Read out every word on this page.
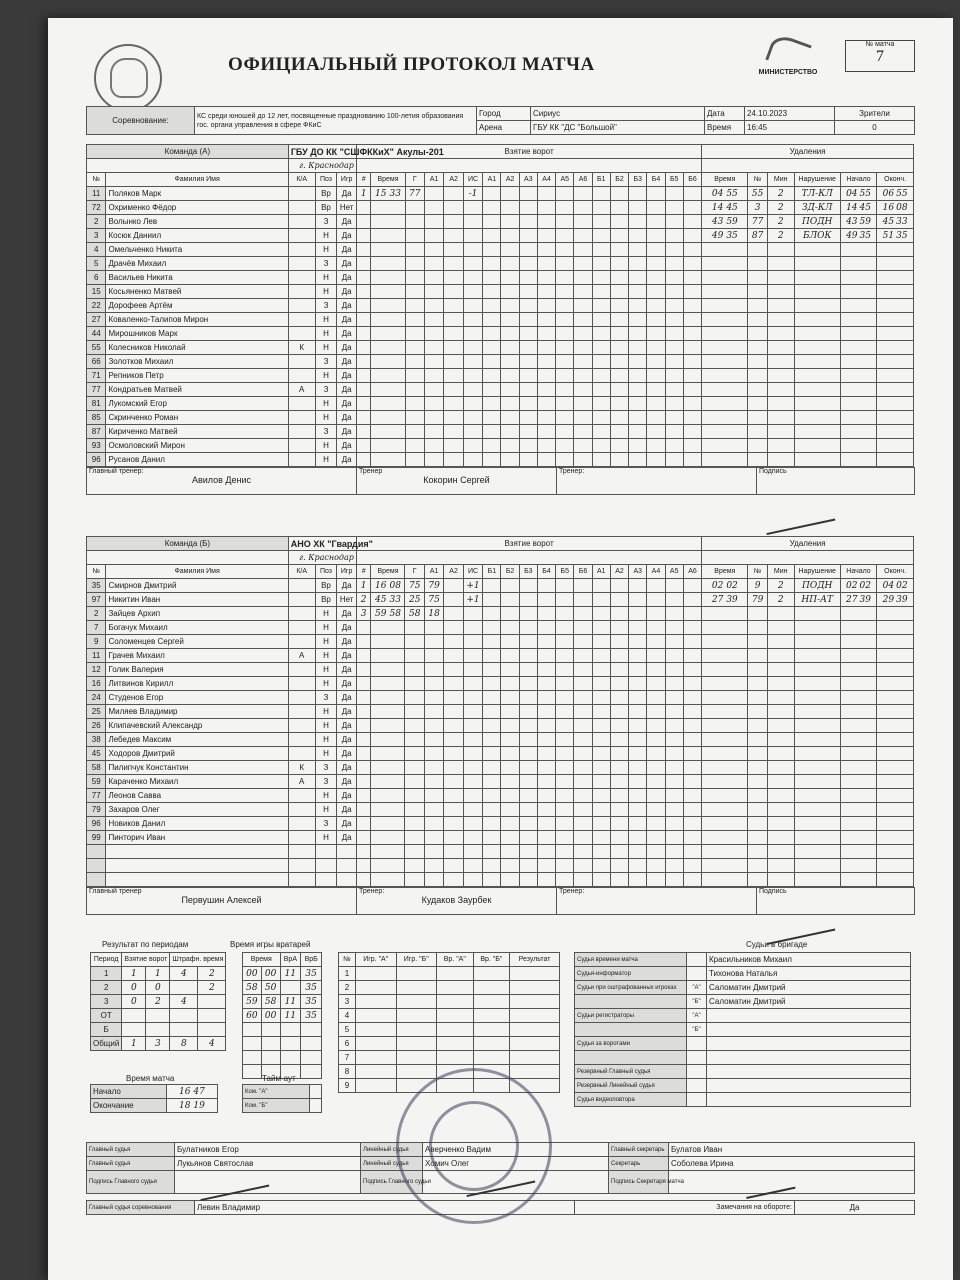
ОФИЦИАЛЬНЫЙ ПРОТОКОЛ МАТЧА	МИНИСТЕРСТВО
№ матча
7
Соревнование:	КС среди юношей до 12 лет, посвященные празднованию 100-летия образования гос. органа управления в сфере ФКиС	Город	Сириус	Дата	24.10.2023	Зрители
		Арена	ГБУ КК "ДС "Большой"	Время	16:45	0
Команда (А)		ГБУ ДО КК "СШФККиХ" Акулы-201			Взятие ворот																		Удаления					
		г. Краснодар																										
№	Фамилия Имя	К/А	Поз	Игр	#	Время	Г	А1	А2	ИС	А1	А2	А3	А4	А5	А6	Б1	Б2	Б3	Б4	Б5	Б6	Время	№	Мин	Нарушение	Начало	Оконч.
11	Поляков Марк		Вр	Да	1	15 33	77			-1													04 55	55	2	ТЛ-КЛ	04 55	06 55
72	Охрименко Фёдор		Вр	Нет																			14 45	3	2	ЗД-КЛ	14 45	16 08
2	Волынко Лев		З	Да																			43 59	77	2	ПОДН	43 59	45 33
3	Косюк Даниил		Н	Да																			49 35	87	2	БЛОК	49 35	51 35
4	Омельченко Никита		Н	Да																								
5	Драчёв Михаил		З	Да																								
6	Васильев Никита		Н	Да																								
15	Косьяненко Матвей		Н	Да																								
22	Дорофеев Артём		З	Да																								
27	Коваленко-Талипов Мирон		Н	Да																								
44	Мирошников Марк		Н	Да																								
55	Колесников Николай	К	Н	Да																								
66	Золотков Михаил		З	Да																								
71	Репников Петр		Н	Да																								
77	Кондратьев Матвей	А	З	Да																								
81	Лукомский Егор		Н	Да																								
85	Скринченко Роман		Н	Да																								
87	Кириченко Матвей		З	Да																								
93	Осмоловский Мирон		Н	Да																								
96	Русанов Данил		Н	Да																								
Главный тренер:
Авилов Денис

Тренер
Кокорин Сергей

Тренер:	Подпись
Команда (Б)		АНО ХК "Гвардия"			Взятие ворот																		Удаления					
		г. Краснодар																										
№	Фамилия Имя	К/А	Поз	Игр	#	Время	Г	А1	А2	ИС	Б1	Б2	Б3	Б4	Б5	Б6	А1	А2	А3	А4	А5	А6	Время	№	Мин	Нарушение	Начало	Оконч.
35	Смирнов Дмитрий		Вр	Да	1	16 08	75	79		+1													02 02	9	2	ПОДН	02 02	04 02
97	Никитин Иван		Вр	Нет	2	45 33	25	75		+1													27 39	79	2	НП-АТ	27 39	29 39
2	Зайцев Архип		Н	Да	3	59 58	58	18																				
7	Богачук Михаил		Н	Да																								
9	Соломенцев Сергей		Н	Да																								
11	Грачев Михаил	А	Н	Да																								
12	Голик Валерия		Н	Да																								
16	Литвинов Кирилл		Н	Да																								
24	Студенов Егор		З	Да																								
25	Миляев Владимир		Н	Да																								
26	Клипачевский Александр		Н	Да																								
38	Лебедев Максим		Н	Да																								
45	Ходоров Дмитрий		Н	Да																								
58	Пилипчук Константин	К	З	Да																								
59	Караченко Михаил	А	З	Да																								
77	Леонов Савва		Н	Да																								
79	Захаров Олег		Н	Да																								
96	Новиков Данил		З	Да																								
99	Пинторич Иван		Н	Да																								

Главный тренер
Первушин Алексей

Тренер:
Кудаков Заурбек

Тренер:	Подпись
Результат по периодам
Период	Взятие ворот		Штрафн. время	
1	1	1	4	2
2	0	0		2
3	0	2	4	
ОТ				
Б				
Общий	1	3	8	4
Время игры вратарей
Время		ВрА	ВрБ
00	00	11	35
58	50		35
59	58	11	35
60	00	11	35

№	Игр. "А"	Игр. "Б"	Вр. "А"	Вр. "Б"	Результат
1					
2					
3					
4					
5					
6					
7					
8					
9					
Время матча
Начало	16 47
Окончание	18 19
Тайм-аут
Ком. "А"	
Ком. "Б"	
Судьи в бригаде
Судья времени матча		Красильников Михаил
Судья-информатор		Тихонова Наталья
Судьи при оштрафованных игроках	"А"	Саломатин Дмитрий
	"Б"	Саломатин Дмитрий
Судьи регистраторы	"А"	
	"Б"	
Судья за воротами		

Резервный Главный судья		
Резервный Линейный судья		
Судья видеоповтора		
Главный судья	Булатников Егор	Линейный судья	Аверченко Вадим	Главный секретарь	Булатов Иван
Главный судья	Лукьянов Святослав	Линейный судья	Хомич Олег	Секретарь	Соболева Ирина
Подпись Главного судьи		Подпись Главного судьи		Подпись Секретаря матча	
Главный судья соревнования	Левин Владимир	Замечания на обороте:	Да
